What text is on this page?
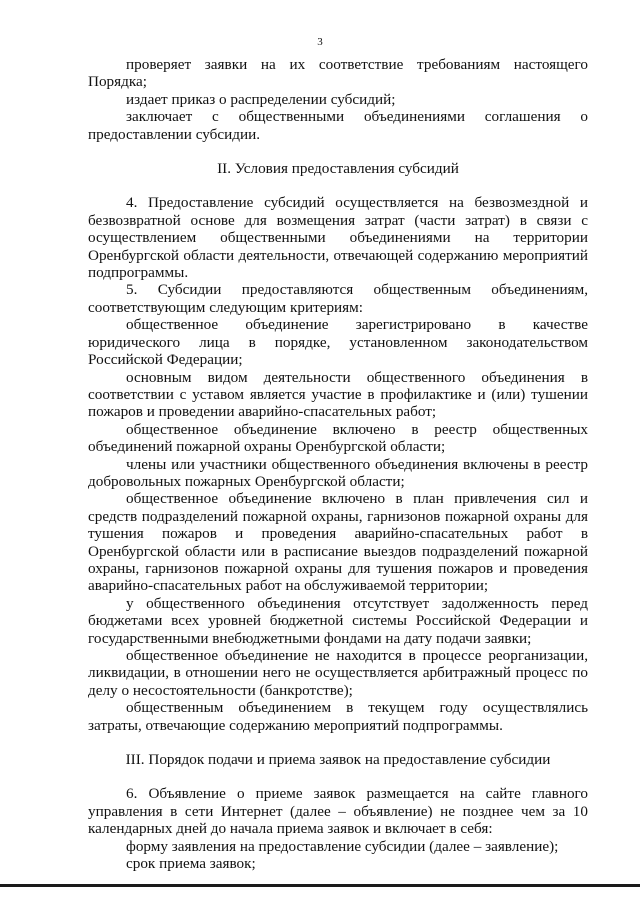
3

проверяет заявки на их соответствие требованиям настоящего Порядка;

издает приказ о распределении субсидий;

заключает с общественными объединениями соглашения о предоставлении субсидии.

II. Условия предоставления субсидий

4. Предоставление субсидий осуществляется на безвозмездной и безвозвратной основе для возмещения затрат (части затрат) в связи с осуществлением общественными объединениями на территории Оренбургской области деятельности, отвечающей содержанию мероприятий подпрограммы.

5. Субсидии предоставляются общественным объединениям, соответствующим следующим критериям:

общественное объединение зарегистрировано в качестве юридического лица в порядке, установленном законодательством Российской Федерации;

основным видом деятельности общественного объединения в соответствии с уставом является участие в профилактике и (или) тушении пожаров и проведении аварийно-спасательных работ;

общественное объединение включено в реестр общественных объединений пожарной охраны Оренбургской области;

члены или участники общественного объединения включены в реестр добровольных пожарных Оренбургской области;

общественное объединение включено в план привлечения сил и средств подразделений пожарной охраны, гарнизонов пожарной охраны для тушения пожаров и проведения аварийно-спасательных работ в Оренбургской области или в расписание выездов подразделений пожарной охраны, гарнизонов пожарной охраны для тушения пожаров и проведения аварийно-спасательных работ на обслуживаемой территории;

у общественного объединения отсутствует задолженность перед бюджетами всех уровней бюджетной системы Российской Федерации и государственными внебюджетными фондами на дату подачи заявки;

общественное объединение не находится в процессе реорганизации, ликвидации, в отношении него не осуществляется арбитражный процесс по делу о несостоятельности (банкротстве);

общественным объединением в текущем году осуществлялись затраты, отвечающие содержанию мероприятий подпрограммы.

III. Порядок подачи и приема заявок на предоставление субсидии

6. Объявление о приеме заявок размещается на сайте главного управления в сети Интернет (далее – объявление) не позднее чем за 10 календарных дней до начала приема заявок и включает в себя:

форму заявления на предоставление субсидии (далее – заявление);

срок приема заявок;
